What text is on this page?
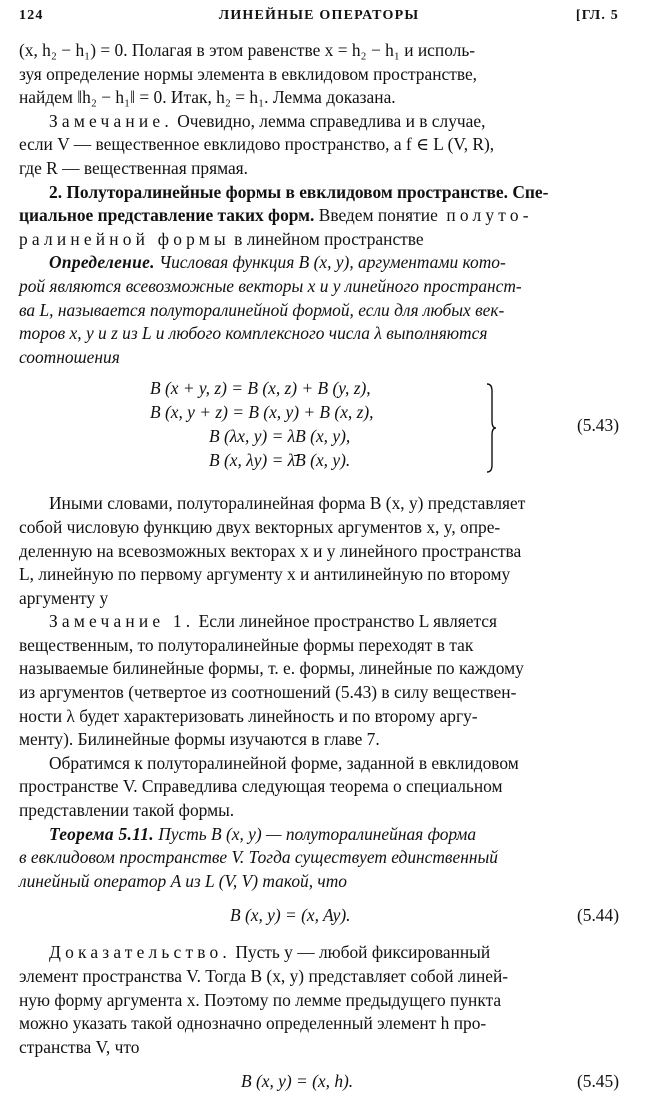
124	ЛИНЕЙНЫЕ ОПЕРАТОРЫ	[ГЛ. 5

(x, h₂ − h₁) = 0. Полагая в этом равенстве x = h₂ − h₁ и исполь-
зуя определение нормы элемента в евклидовом пространстве,
найдем ‖h₂ − h₁‖ = 0. Итак, h₂ = h₁. Лемма доказана.

Замечание. Очевидно, лемма справедлива и в случае,
если V — вещественное евклидово пространство, а f ∈ L (V, R),
где R — вещественная прямая.

2. Полуторалинейные формы в евклидовом пространстве. Спе-
циальное представление таких форм. Введем понятие полуто-
ралинейной формы в линейном пространстве

Определение. Числовая функция B (x, y), аргументами кото-
рой являются всевозможные векторы x и y линейного пространст-
ва L, называется полуторалинейной формой, если для любых век-
торов x, y и z из L и любого комплексного числа λ выполняются
соотношения

B (x + y, z) = B (x, z) + B (y, z),
B (x, y + z) = B (x, y) + B (x, z),
B (λx, y) = λB (x, y),
B (x, λy) = λ̄B (x, y).
(5.43)

Иными словами, полуторалинейная форма B (x, y) представляет
собой числовую функцию двух векторных аргументов x, y, опре-
деленную на всевозможных векторах x и y линейного пространства
L, линейную по первому аргументу x и антилинейную по второму
аргументу y

Замечание 1. Если линейное пространство L является
вещественным, то полуторалинейные формы переходят в так
называемые билинейные формы, т. е. формы, линейные по каждому
из аргументов (четвертое из соотношений (5.43) в силу веществен-
ности λ будет характеризовать линейность и по второму аргу-
менту). Билинейные формы изучаются в главе 7.

Обратимся к полуторалинейной форме, заданной в евклидовом
пространстве V. Справедлива следующая теорема о специальном
представлении такой формы.

Теорема 5.11. Пусть B (x, y) — полуторалинейная форма
в евклидовом пространстве V. Тогда существует единственный
линейный оператор A из L (V, V) такой, что

B (x, y) = (x, Ay).	(5.44)

Доказательство. Пусть y — любой фиксированный
элемент пространства V. Тогда B (x, y) представляет собой линей-
ную форму аргумента x. Поэтому по лемме предыдущего пункта
можно указать такой однозначно определенный элемент h про-
странства V, что

B (x, y) = (x, h).	(5.45)
